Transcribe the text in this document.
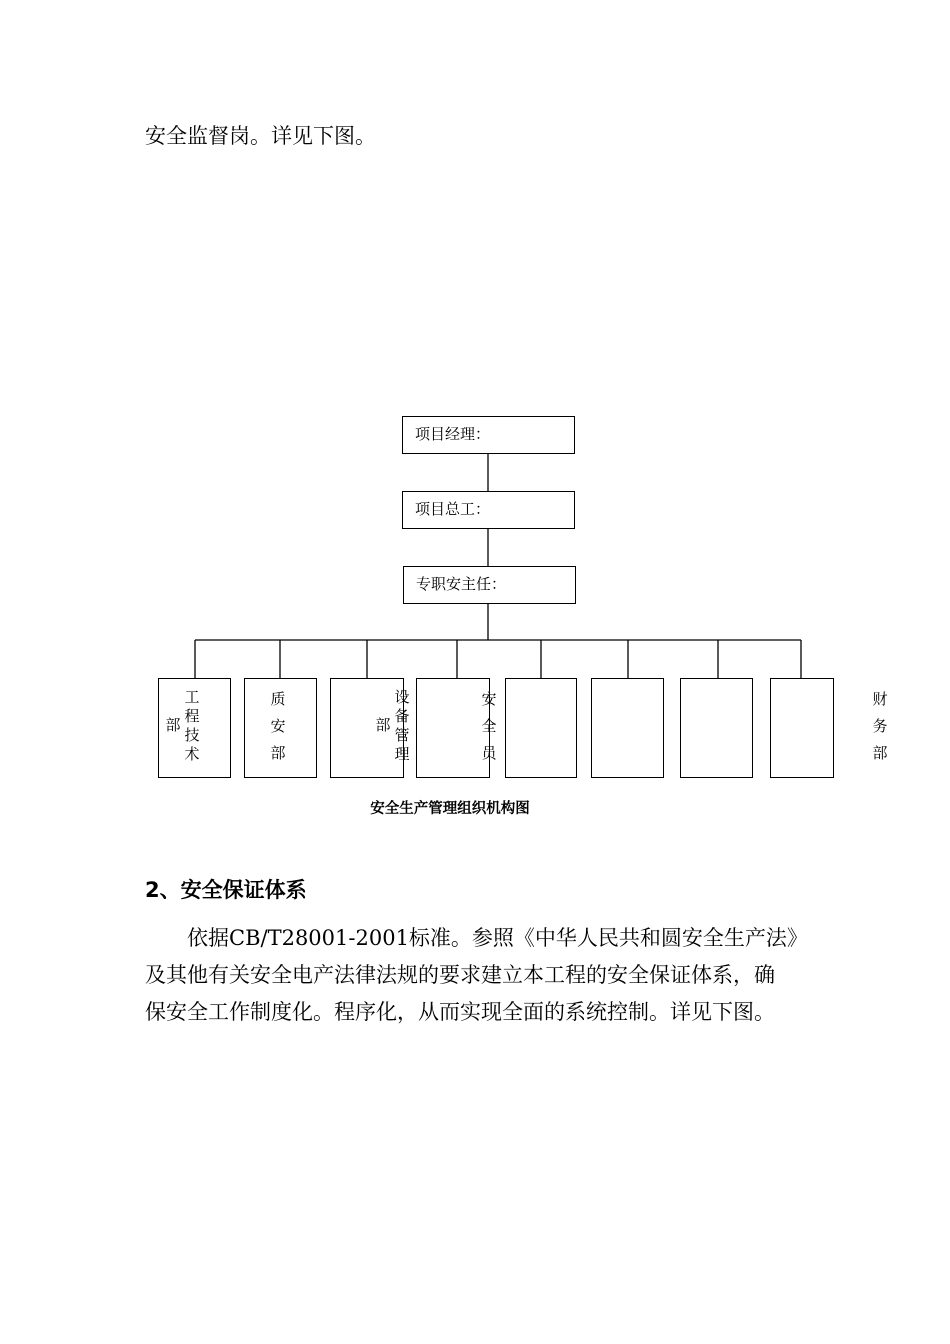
安全监督岗。详见下图。

项目经理：
项目总工：
专职安主任：
部
工
程
技
术
质
安
部
部
设
备
管
理
安
全
员
财
务
部
安全生产管理组织机构图
2、安全保证体系

依据CB/T28001-2001标准。参照《中华人民共和圆安全生产法》
及其他有关安全电产法律法规的要求建立本工程的安全保证体系，确
保安全工作制度化。程序化，从而实现全面的系统控制。详见下图。
